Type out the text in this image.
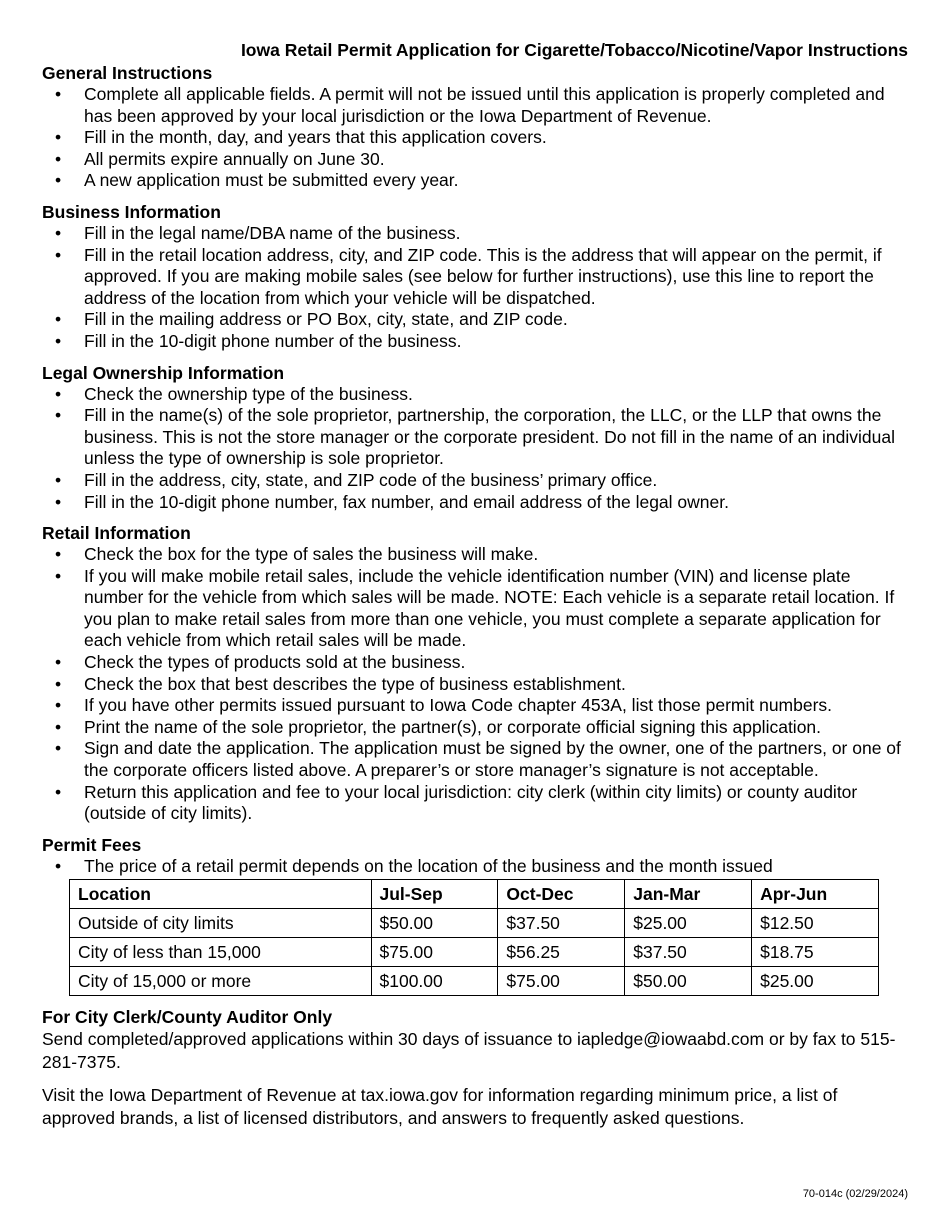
Iowa Retail Permit Application for Cigarette/Tobacco/Nicotine/Vapor Instructions
General Instructions
• Complete all applicable fields. A permit will not be issued until this application is properly completed and has been approved by your local jurisdiction or the Iowa Department of Revenue.
• Fill in the month, day, and years that this application covers.
• All permits expire annually on June 30.
• A new application must be submitted every year.
Business Information
• Fill in the legal name/DBA name of the business.
• Fill in the retail location address, city, and ZIP code. This is the address that will appear on the permit, if approved. If you are making mobile sales (see below for further instructions), use this line to report the address of the location from which your vehicle will be dispatched.
• Fill in the mailing address or PO Box, city, state, and ZIP code.
• Fill in the 10-digit phone number of the business.
Legal Ownership Information
• Check the ownership type of the business.
• Fill in the name(s) of the sole proprietor, partnership, the corporation, the LLC, or the LLP that owns the business. This is not the store manager or the corporate president. Do not fill in the name of an individual unless the type of ownership is sole proprietor.
• Fill in the address, city, state, and ZIP code of the business’ primary office.
• Fill in the 10-digit phone number, fax number, and email address of the legal owner.
Retail Information
• Check the box for the type of sales the business will make.
• If you will make mobile retail sales, include the vehicle identification number (VIN) and license plate number for the vehicle from which sales will be made. NOTE: Each vehicle is a separate retail location. If you plan to make retail sales from more than one vehicle, you must complete a separate application for each vehicle from which retail sales will be made.
• Check the types of products sold at the business.
• Check the box that best describes the type of business establishment.
• If you have other permits issued pursuant to Iowa Code chapter 453A, list those permit numbers.
• Print the name of the sole proprietor, the partner(s), or corporate official signing this application.
• Sign and date the application. The application must be signed by the owner, one of the partners, or one of the corporate officers listed above. A preparer’s or store manager’s signature is not acceptable.
• Return this application and fee to your local jurisdiction: city clerk (within city limits) or county auditor (outside of city limits).
Permit Fees
• The price of a retail permit depends on the location of the business and the month issued
Location	Jul-Sep	Oct-Dec	Jan-Mar	Apr-Jun
Outside of city limits	$50.00	$37.50	$25.00	$12.50
City of less than 15,000	$75.00	$56.25	$37.50	$18.75
City of 15,000 or more	$100.00	$75.00	$50.00	$25.00
For City Clerk/County Auditor Only

Send completed/approved applications within 30 days of issuance to iapledge@iowaabd.com or by fax to 515-281-7375.

Visit the Iowa Department of Revenue at tax.iowa.gov for information regarding minimum price, a list of approved brands, a list of licensed distributors, and answers to frequently asked questions.

70-014c (02/29/2024)
